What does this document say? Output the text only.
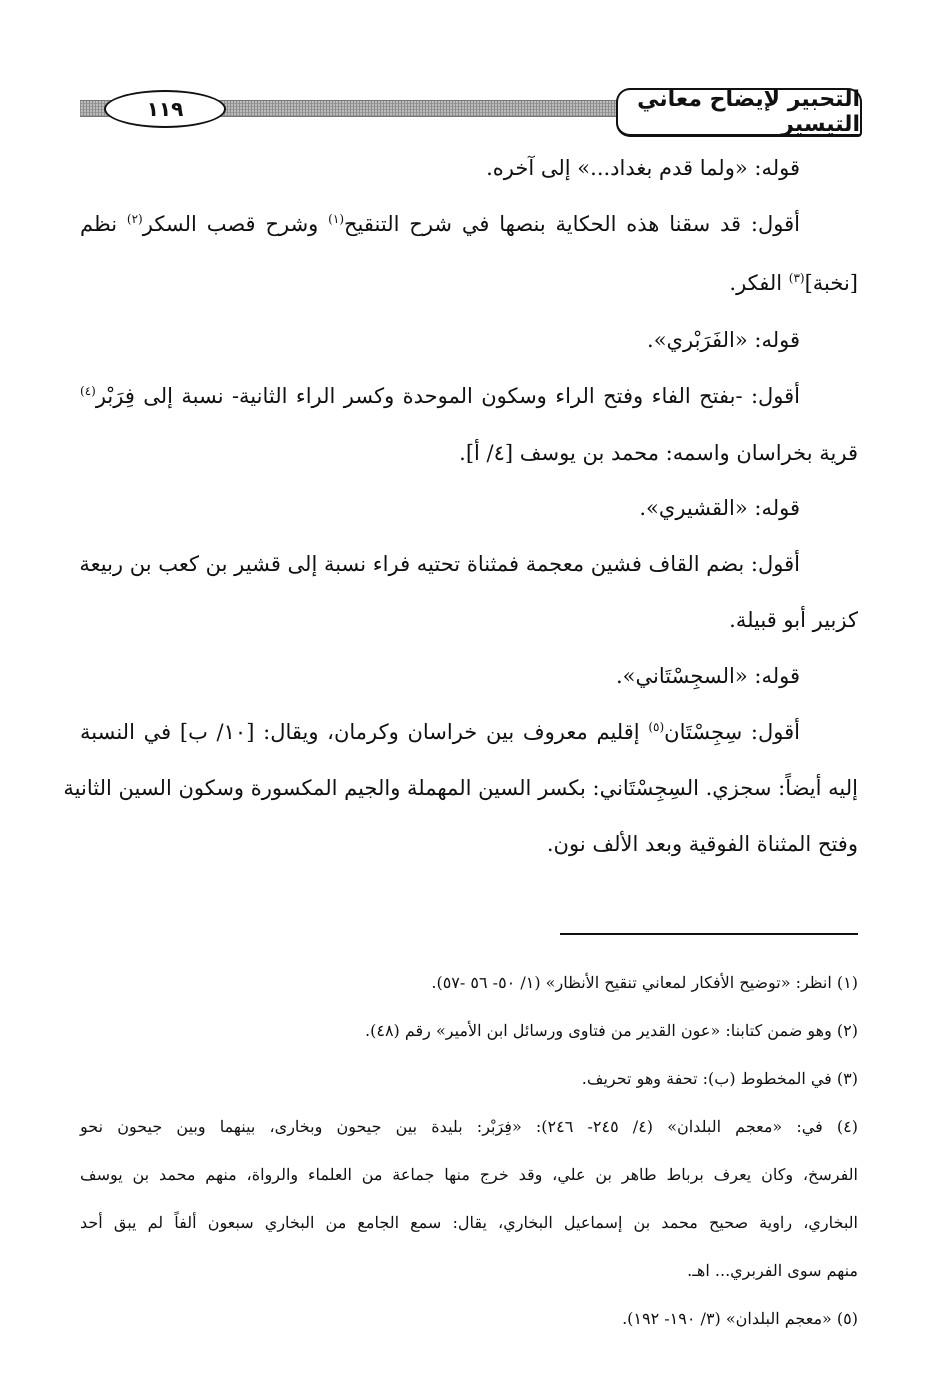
التحبير لإيضاح معاني التيسير
١١٩
قوله: «ولما قدم بغداد...» إلى آخره.
أقول: قد سقنا هذه الحكاية بنصها في شرح التنقيح$^{(١)}$ وشرح قصب السكر$^{(٢)}$ نظم
[نخبة]$^{(٣)}$ الفكر.
قوله: «الفَرَبْري».
أقول: -بفتح الفاء وفتح الراء وسكون الموحدة وكسر الراء الثانية- نسبة إلى فِرَبْر$^{(٤)}$
قرية بخراسان واسمه: محمد بن يوسف [٤/ أ].
قوله: «القشيري».
أقول: بضم القاف فشين معجمة فمثناة تحتيه فراء نسبة إلى قشير بن كعب بن ربيعة
كزبير أبو قبيلة.
قوله: «السجِسْتَاني».
أقول: سِجِسْتَان$^{(٥)}$ إقليم معروف بين خراسان وكرمان، ويقال: [١٠/ ب] في النسبة
إليه أيضاً: سجزي. السِجِسْتَاني: بكسر السين المهملة والجيم المكسورة وسكون السين الثانية
وفتح المثناة الفوقية وبعد الألف نون.
(١) انظر: «توضيح الأفكار لمعاني تنقيح الأنظار» (١/ ٥٠- ٥٦ -٥٧).
(٢) وهو ضمن كتابنا: «عون القدير من فتاوى ورسائل ابن الأمير» رقم (٤٨).
(٣) في المخطوط (ب): تحفة وهو تحريف.
(٤) في: «معجم البلدان» (٤/ ٢٤٥- ٢٤٦): «فِرَبْر: بليدة بين جيحون وبخارى، بينهما وبين جيحون نحو
الفرسخ، وكان يعرف برباط طاهر بن علي، وقد خرج منها جماعة من العلماء والرواة، منهم محمد بن يوسف
البخاري، راوية صحيح محمد بن إسماعيل البخاري، يقال: سمع الجامع من البخاري سبعون ألفاً لم يبق أحد
منهم سوى الفربري... اهـ.
(٥) «معجم البلدان» (٣/ ١٩٠- ١٩٢).
